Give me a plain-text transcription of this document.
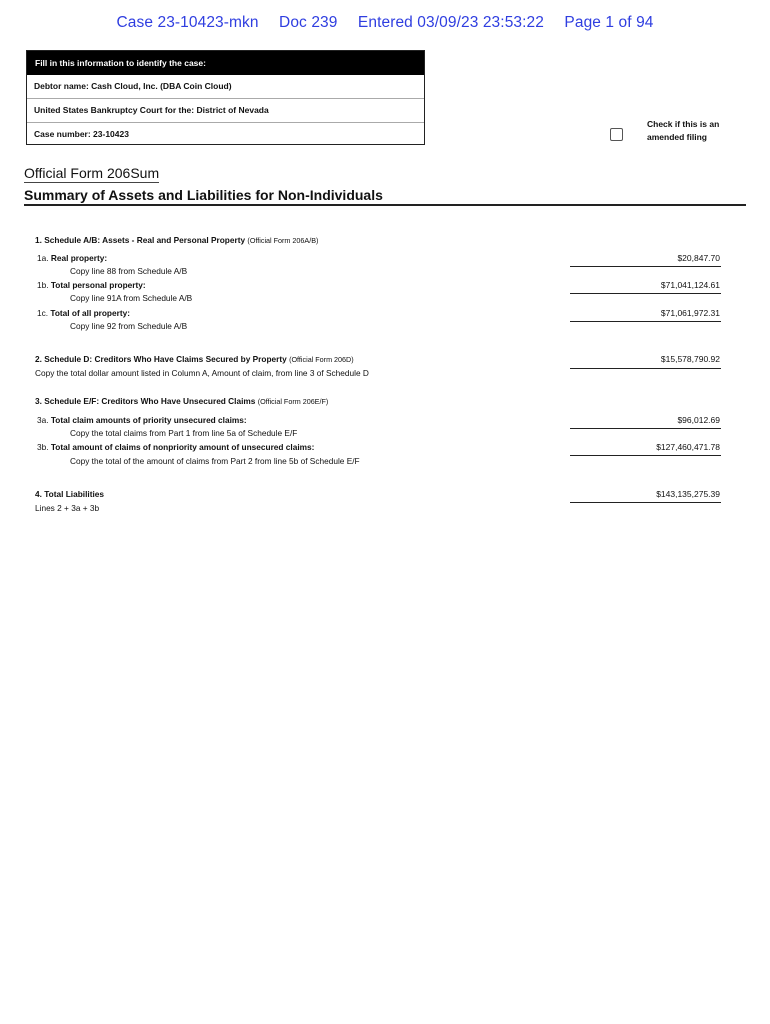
Case 23-10423-mkn Doc 239 Entered 03/09/23 23:53:22 Page 1 of 94
Fill in this information to identify the case:
Debtor name: Cash Cloud, Inc. (DBA Coin Cloud)
United States Bankruptcy Court for the: District of Nevada
Case number: 23-10423
Check if this is an
amended filing
Official Form 206Sum
Summary of Assets and Liabilities for Non-Individuals
1. Schedule A/B: Assets - Real and Personal Property (Official Form 206A/B)
1a. Real property:
Copy line 88 from Schedule A/B
$20,847.70
1b. Total personal property:
Copy line 91A from Schedule A/B
$71,041,124.61
1c. Total of all property:
Copy line 92 from Schedule A/B
$71,061,972.31
2. Schedule D: Creditors Who Have Claims Secured by Property (Official Form 206D)
Copy the total dollar amount listed in Column A, Amount of claim, from line 3 of Schedule D
$15,578,790.92
3. Schedule E/F: Creditors Who Have Unsecured Claims (Official Form 206E/F)
3a. Total claim amounts of priority unsecured claims:
Copy the total claims from Part 1 from line 5a of Schedule E/F
$96,012.69
3b. Total amount of claims of nonpriority amount of unsecured claims:
Copy the total of the amount of claims from Part 2 from line 5b of Schedule E/F
$127,460,471.78
4. Total Liabilities
Lines 2 + 3a + 3b
$143,135,275.39
